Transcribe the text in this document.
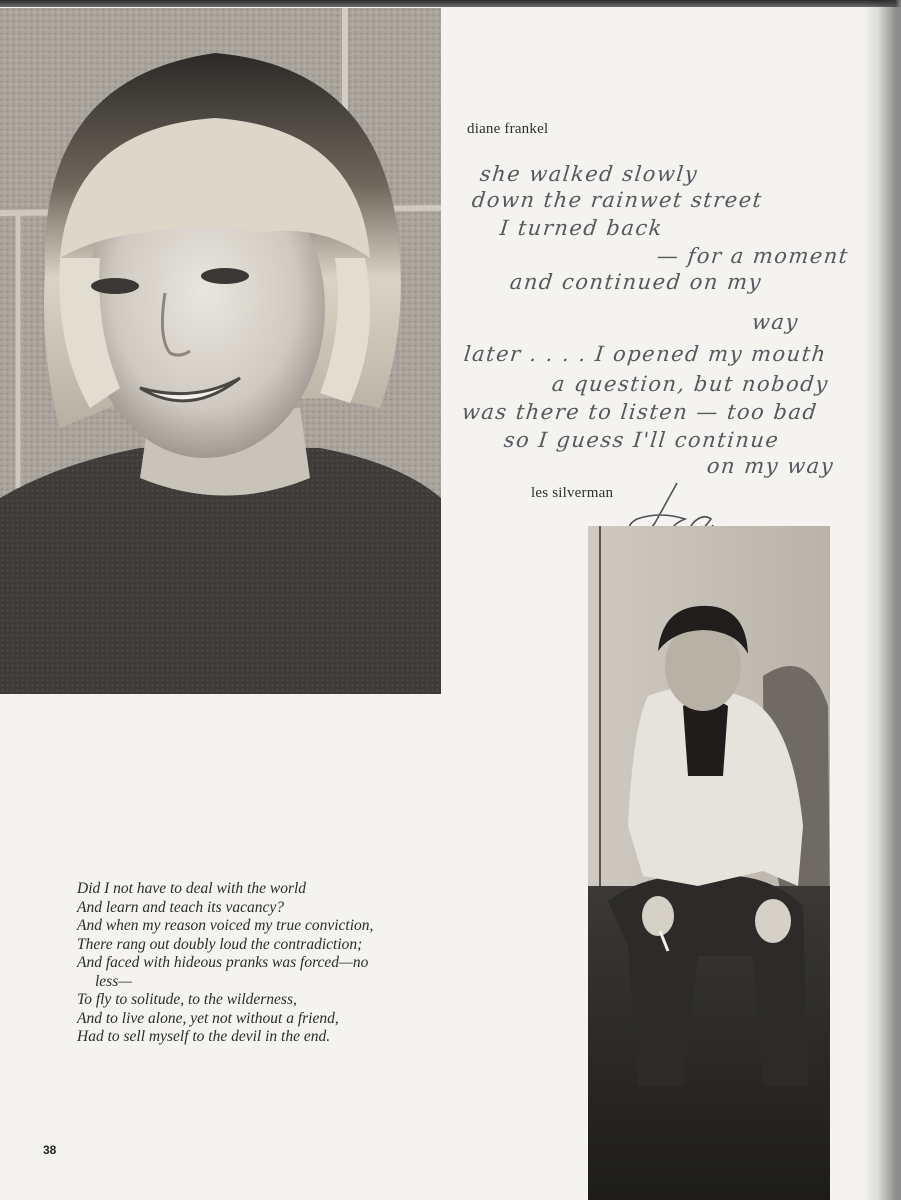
diane frankel
she walked slowly
down the rainwet street
I turned back
— for a moment
and continued on my
way
later . . . . I opened my mouth
a question, but nobody
was there to listen — too bad
so I guess I'll continue
on my way
les silverman
Did I not have to deal with the world
And learn and teach its vacancy?
And when my reason voiced my true conviction,
There rang out doubly loud the contradiction;
And faced with hideous pranks was forced—no
less—
To fly to solitude, to the wilderness,
And to live alone, yet not without a friend,
Had to sell myself to the devil in the end.
38
